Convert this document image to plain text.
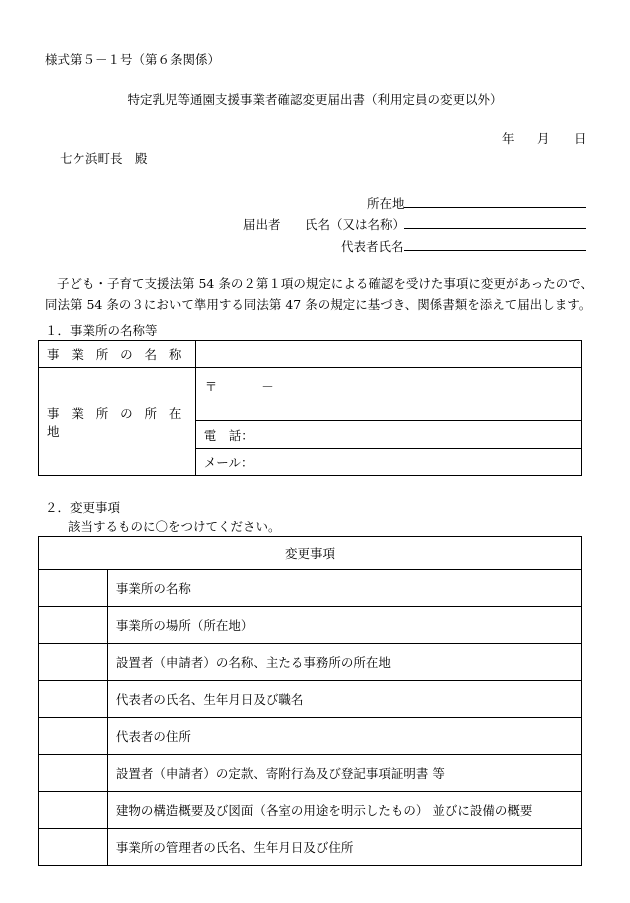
様式第５－１号（第６条関係）
特定乳児等通園支援事業者確認変更届出書（利用定員の変更以外）
年 月 日
七ケ浜町長　殿
所在地
届出者 氏名（又は名称）
代表者氏名
子ども・子育て支援法第 54 条の２第１項の規定による確認を受けた事項に変更があったので、
同法第 54 条の３において準用する同法第 47 条の規定に基づき、関係書類を添えて届出します。
１．事業所の名称等
事業所の名称	
事業所の所在地	〒 －
	電　話：
	メール：
２．変更事項
該当するものに〇をつけてください。
変更事項	
	事業所の名称
	事業所の場所（所在地）
	設置者（申請者）の名称、主たる事務所の所在地
	代表者の氏名、生年月日及び職名
	代表者の住所
	設置者（申請者）の定款、寄附行為及び登記事項証明書 等
	建物の構造概要及び図面（各室の用途を明示したもの） 並びに設備の概要
	事業所の管理者の氏名、生年月日及び住所
